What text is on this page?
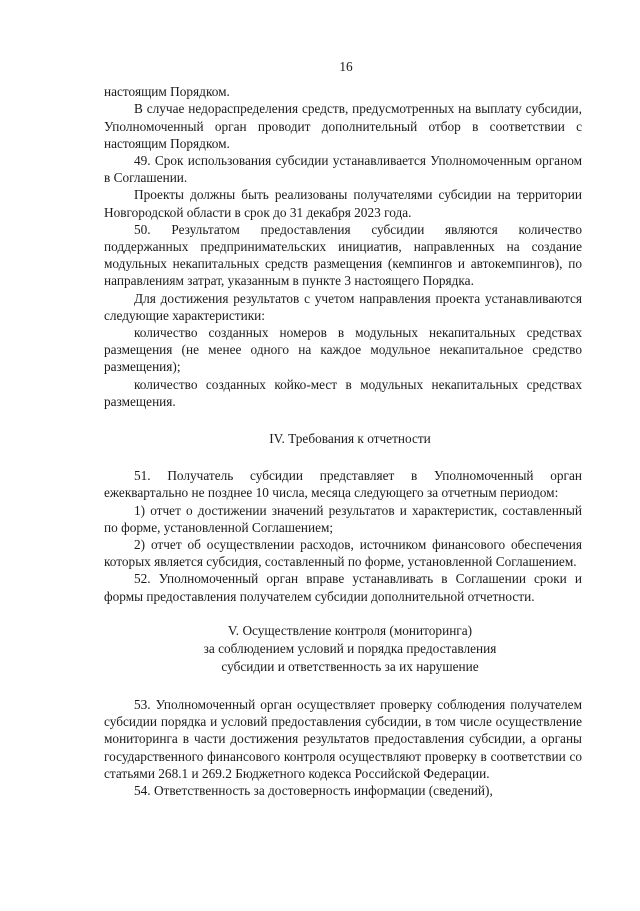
16

настоящим Порядком.

В случае недораспределения средств, предусмотренных на выплату субсидии, Уполномоченный орган проводит дополнительный отбор в соответствии с настоящим Порядком.

49. Срок использования субсидии устанавливается Уполномоченным органом в Соглашении.

Проекты должны быть реализованы получателями субсидии на территории Новгородской области в срок до 31 декабря 2023 года.

50. Результатом предоставления субсидии являются количество поддержанных предпринимательских инициатив, направленных на создание модульных некапитальных средств размещения (кемпингов и автокемпингов), по направлениям затрат, указанным в пункте 3 настоящего Порядка.

Для достижения результатов с учетом направления проекта устанавливаются следующие характеристики:

количество созданных номеров в модульных некапитальных средствах размещения (не менее одного на каждое модульное некапитальное средство размещения);

количество созданных койко-мест в модульных некапитальных средствах размещения.

IV. Требования к отчетности

51. Получатель субсидии представляет в Уполномоченный орган ежеквартально не позднее 10 числа, месяца следующего за отчетным периодом:

1) отчет о достижении значений результатов и характеристик, составленный по форме, установленной Соглашением;

2) отчет об осуществлении расходов, источником финансового обеспечения которых является субсидия, составленный по форме, установленной Соглашением.

52. Уполномоченный орган вправе устанавливать в Соглашении сроки и формы предоставления получателем субсидии дополнительной отчетности.

V. Осуществление контроля (мониторинга)
за соблюдением условий и порядка предоставления
субсидии и ответственность за их нарушение

53. Уполномоченный орган осуществляет проверку соблюдения получателем субсидии порядка и условий предоставления субсидии, в том числе осуществление мониторинга в части достижения результатов предоставления субсидии, а органы государственного финансового контроля осуществляют проверку в соответствии со статьями 268.1 и 269.2 Бюджетного кодекса Российской Федерации.

54. Ответственность за достоверность информации (сведений),
